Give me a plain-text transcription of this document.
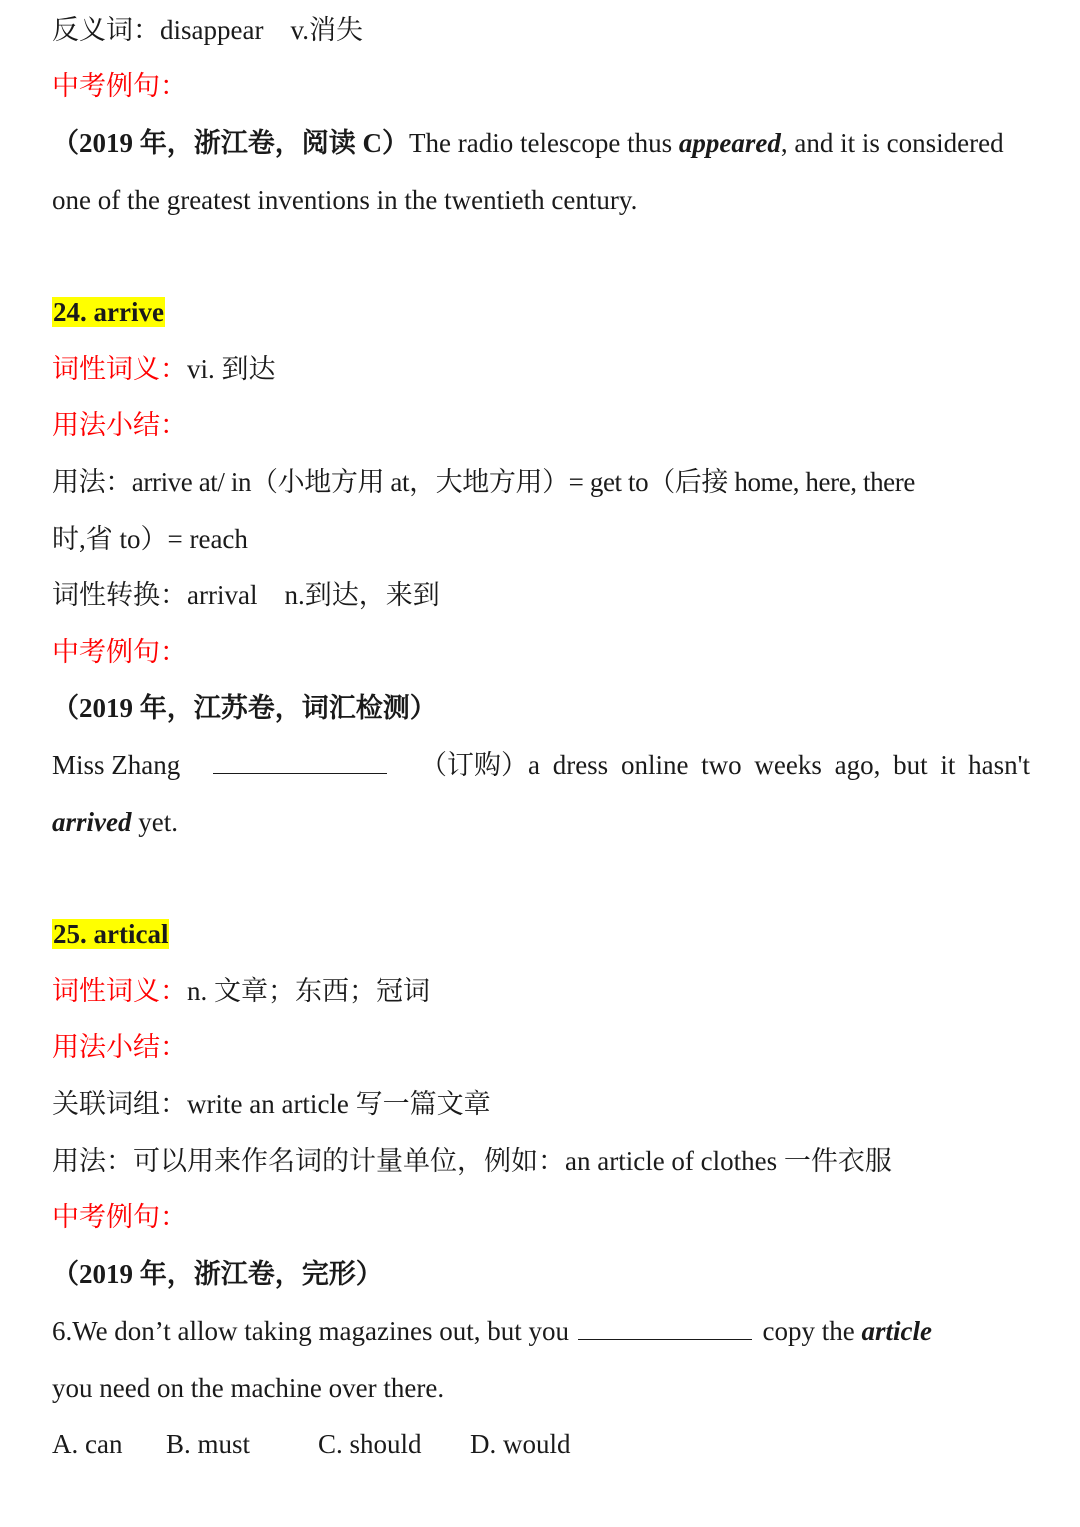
反义词：disappear　v.消失
中考例句：
（2019 年，浙江卷，阅读 C）The radio telescope thus appeared, and it is considered
one of the greatest inventions in the twentieth century.
24. arrive
词性词义：vi. 到达
用法小结：
用法：arrive at/ in（小地方用 at，大地方用）= get to（后接 home, here, there
时,省 to）= reach
词性转换：arrival　n.到达，来到
中考例句：
（2019 年，江苏卷，词汇检测）
Miss Zhang	（订购）a dress online two weeks ago, but it hasn't
arrived yet.
25. artical
词性词义：n. 文章；东西；冠词
用法小结：
关联词组：write an article 写一篇文章
用法：可以用来作名词的计量单位，例如：an article of clothes 一件衣服
中考例句：
（2019 年，浙江卷，完形）
6.We don’t allow taking magazines out, but you	copy the article
you need on the machine over there.
A. can B. must	C. should D. would
